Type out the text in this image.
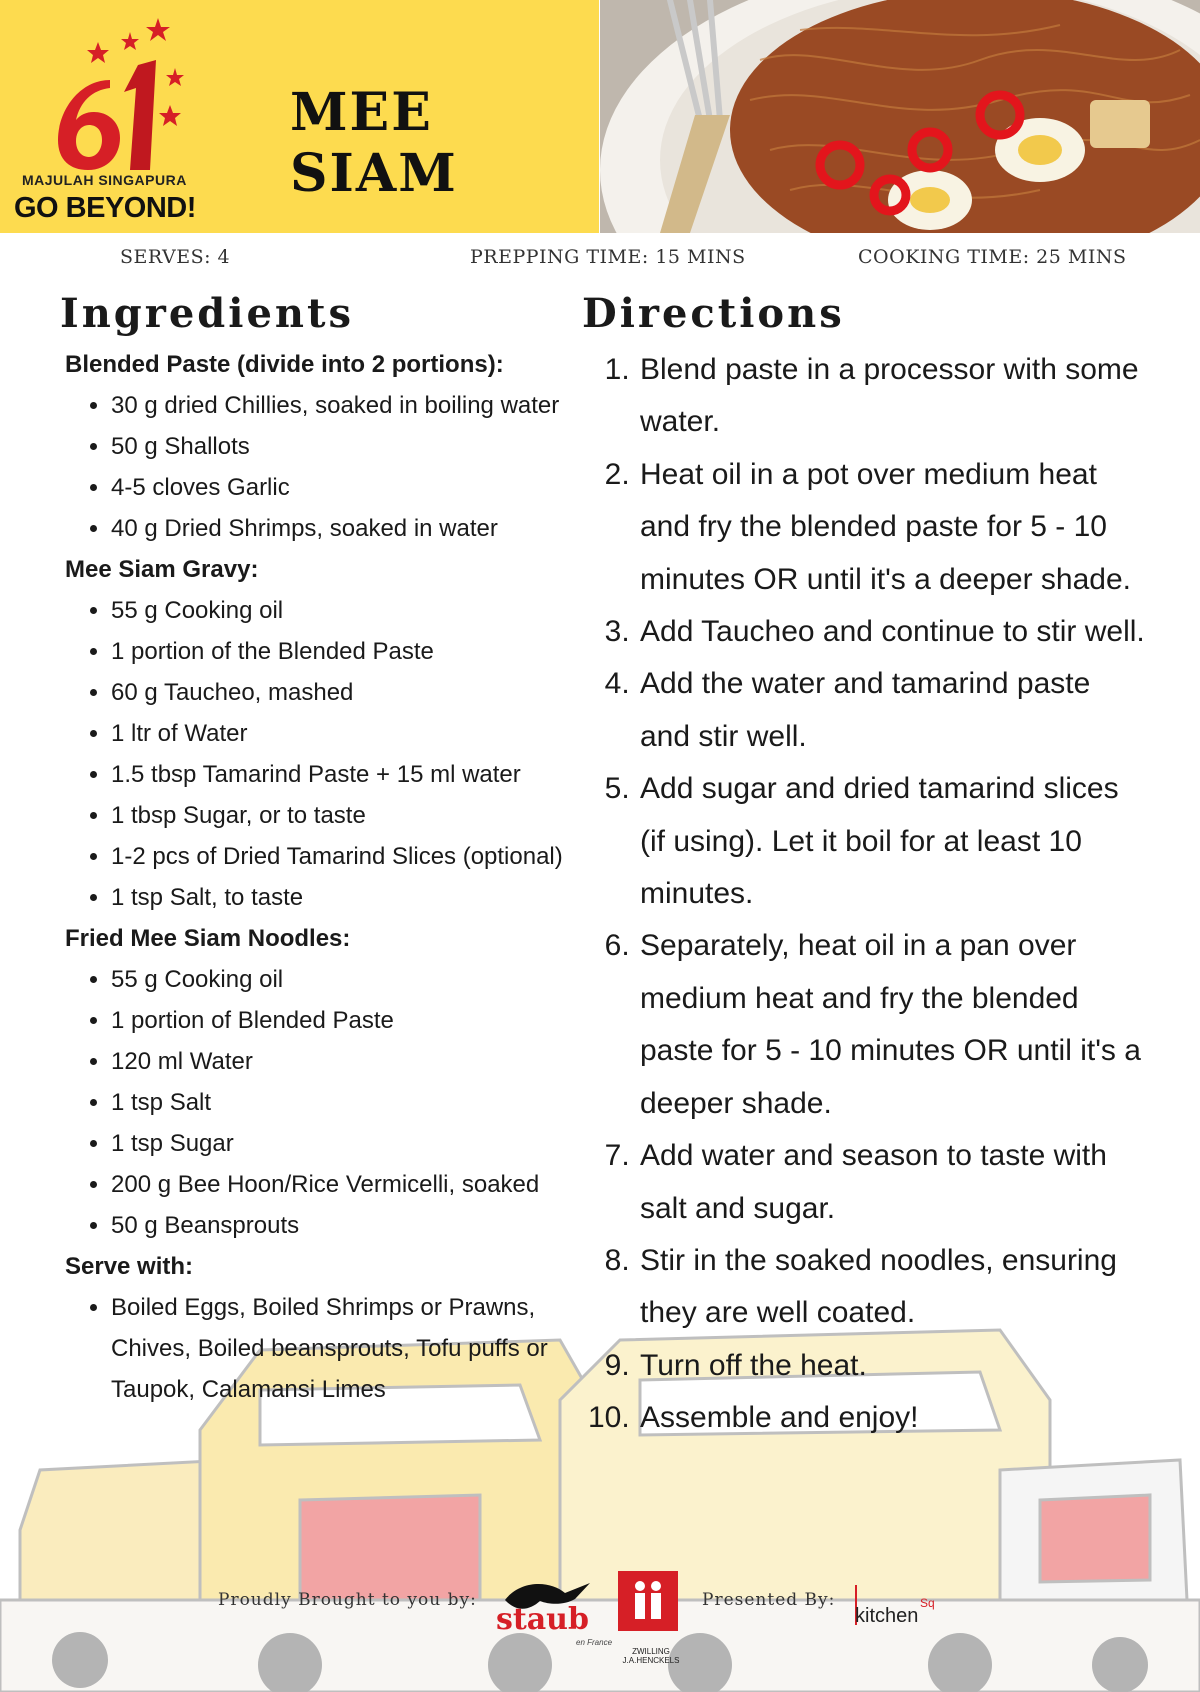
MAJULAH SINGAPURA
GO BEYOND!
MEE SIAM
SERVES: 4	PREPPING TIME: 15 MINS	COOKING TIME: 25 MINS
Ingredients
Blended Paste (divide into 2 portions):
• 30 g dried Chillies, soaked in boiling water
• 50 g Shallots
• 4-5 cloves Garlic
• 40 g Dried Shrimps, soaked in water
Mee Siam Gravy:
• 55 g Cooking oil
• 1 portion of the Blended Paste
• 60 g Taucheo, mashed
• 1 ltr of Water
• 1.5 tbsp Tamarind Paste + 15 ml water
• 1 tbsp Sugar, or to taste
• 1-2 pcs of Dried Tamarind Slices (optional)
• 1 tsp Salt, to taste
Fried Mee Siam Noodles:
• 55 g Cooking oil
• 1 portion of Blended Paste
• 120 ml Water
• 1 tsp Salt
• 1 tsp Sugar
• 200 g Bee Hoon/Rice Vermicelli, soaked
• 50 g Beansprouts
Serve with:
• Boiled Eggs, Boiled Shrimps or Prawns, Chives, Boiled beansprouts, Tofu puffs or Taupok, Calamansi Limes
Directions
1. Blend paste in a processor with some water.
2. Heat oil in a pot over medium heat and fry the blended paste for 5 - 10 minutes OR until it's a deeper shade.
3. Add Taucheo and continue to stir well.
4. Add the water and tamarind paste and stir well.
5. Add sugar and dried tamarind slices (if using). Let it boil for at least 10 minutes.
6. Separately, heat oil in a pan over medium heat and fry the blended paste for 5 - 10 minutes OR until it's a deeper shade.
7. Add water and season to taste with salt and sugar.
8. Stir in the soaked noodles, ensuring they are well coated.
9. Turn off the heat.
10. Assemble and enjoy!
Proudly Brought to you by:
staub
en France
ZWILLING J.A.HENCKELS
Presented By:
kitchen
Sq
